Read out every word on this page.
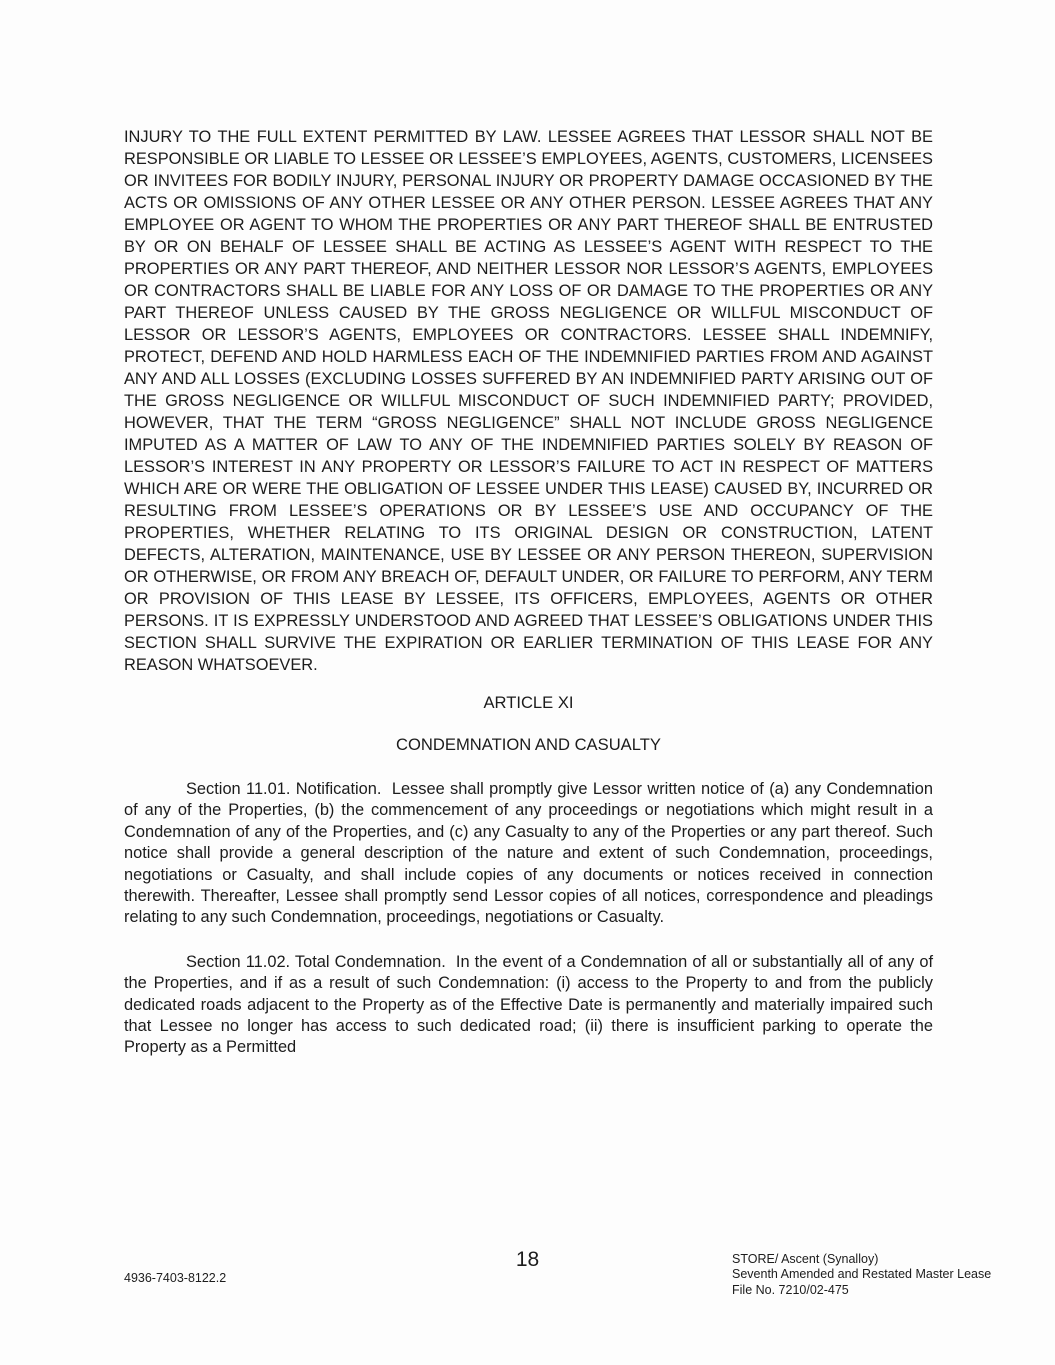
INJURY TO THE FULL EXTENT PERMITTED BY LAW. LESSEE AGREES THAT LESSOR SHALL NOT BE RESPONSIBLE OR LIABLE TO LESSEE OR LESSEE’S EMPLOYEES, AGENTS, CUSTOMERS, LICENSEES OR INVITEES FOR BODILY INJURY, PERSONAL INJURY OR PROPERTY DAMAGE OCCASIONED BY THE ACTS OR OMISSIONS OF ANY OTHER LESSEE OR ANY OTHER PERSON. LESSEE AGREES THAT ANY EMPLOYEE OR AGENT TO WHOM THE PROPERTIES OR ANY PART THEREOF SHALL BE ENTRUSTED BY OR ON BEHALF OF LESSEE SHALL BE ACTING AS LESSEE’S AGENT WITH RESPECT TO THE PROPERTIES OR ANY PART THEREOF, AND NEITHER LESSOR NOR LESSOR’S AGENTS, EMPLOYEES OR CONTRACTORS SHALL BE LIABLE FOR ANY LOSS OF OR DAMAGE TO THE PROPERTIES OR ANY PART THEREOF UNLESS CAUSED BY THE GROSS NEGLIGENCE OR WILLFUL MISCONDUCT OF LESSOR OR LESSOR’S AGENTS, EMPLOYEES OR CONTRACTORS. LESSEE SHALL INDEMNIFY, PROTECT, DEFEND AND HOLD HARMLESS EACH OF THE INDEMNIFIED PARTIES FROM AND AGAINST ANY AND ALL LOSSES (EXCLUDING LOSSES SUFFERED BY AN INDEMNIFIED PARTY ARISING OUT OF THE GROSS NEGLIGENCE OR WILLFUL MISCONDUCT OF SUCH INDEMNIFIED PARTY; PROVIDED, HOWEVER, THAT THE TERM “GROSS NEGLIGENCE” SHALL NOT INCLUDE GROSS NEGLIGENCE IMPUTED AS A MATTER OF LAW TO ANY OF THE INDEMNIFIED PARTIES SOLELY BY REASON OF LESSOR’S INTEREST IN ANY PROPERTY OR LESSOR’S FAILURE TO ACT IN RESPECT OF MATTERS WHICH ARE OR WERE THE OBLIGATION OF LESSEE UNDER THIS LEASE) CAUSED BY, INCURRED OR RESULTING FROM LESSEE’S OPERATIONS OR BY LESSEE’S USE AND OCCUPANCY OF THE PROPERTIES, WHETHER RELATING TO ITS ORIGINAL DESIGN OR CONSTRUCTION, LATENT DEFECTS, ALTERATION, MAINTENANCE, USE BY LESSEE OR ANY PERSON THEREON, SUPERVISION OR OTHERWISE, OR FROM ANY BREACH OF, DEFAULT UNDER, OR FAILURE TO PERFORM, ANY TERM OR PROVISION OF THIS LEASE BY LESSEE, ITS OFFICERS, EMPLOYEES, AGENTS OR OTHER PERSONS. IT IS EXPRESSLY UNDERSTOOD AND AGREED THAT LESSEE’S OBLIGATIONS UNDER THIS SECTION SHALL SURVIVE THE EXPIRATION OR EARLIER TERMINATION OF THIS LEASE FOR ANY REASON WHATSOEVER.

ARTICLE XI

CONDEMNATION AND CASUALTY

Section 11.01. Notification. Lessee shall promptly give Lessor written notice of (a) any Condemnation of any of the Properties, (b) the commencement of any proceedings or negotiations which might result in a Condemnation of any of the Properties, and (c) any Casualty to any of the Properties or any part thereof. Such notice shall provide a general description of the nature and extent of such Condemnation, proceedings, negotiations or Casualty, and shall include copies of any documents or notices received in connection therewith. Thereafter, Lessee shall promptly send Lessor copies of all notices, correspondence and pleadings relating to any such Condemnation, proceedings, negotiations or Casualty.

Section 11.02. Total Condemnation. In the event of a Condemnation of all or substantially all of any of the Properties, and if as a result of such Condemnation: (i) access to the Property to and from the publicly dedicated roads adjacent to the Property as of the Effective Date is permanently and materially impaired such that Lessee no longer has access to such dedicated road; (ii) there is insufficient parking to operate the Property as a Permitted

18
4936-7403-8122.2
STORE/ Ascent (Synalloy)
Seventh Amended and Restated Master Lease
File No. 7210/02-475
